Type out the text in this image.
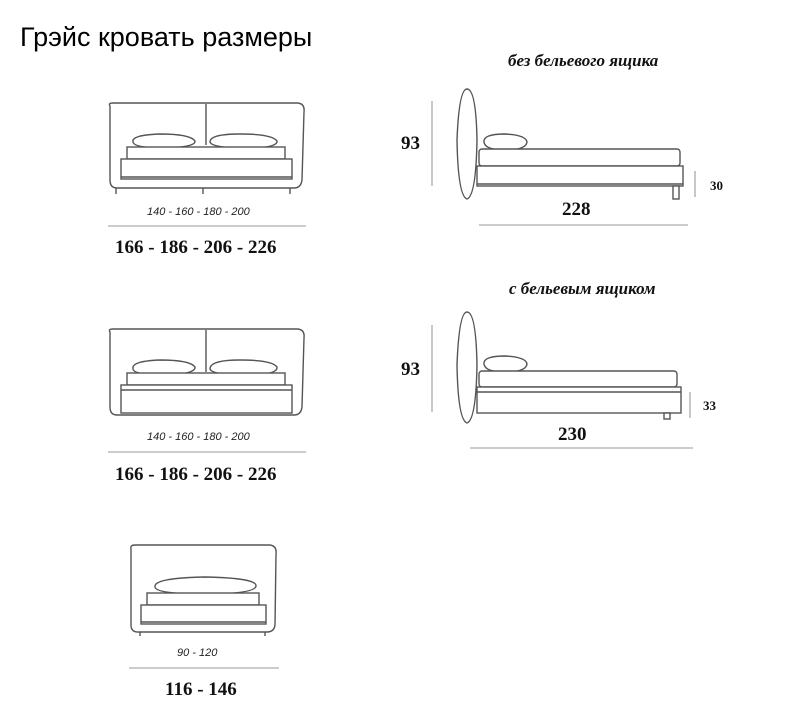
Грэйс кровать размеры
без бельевого ящика
93
228
30
с бельевым ящиком
93
230
33
140 - 160 - 180 - 200
166 - 186 - 206 - 226
140 - 160 - 180 - 200
166 - 186 - 206 - 226
90 - 120
116 - 146
